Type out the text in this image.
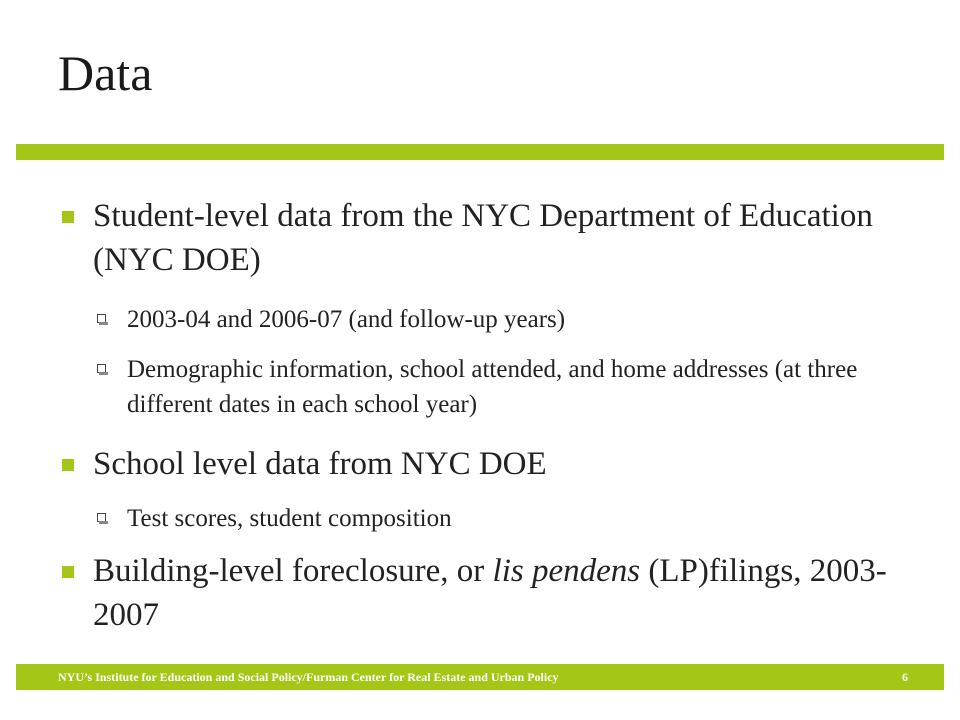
Data
Student-level data from the NYC Department of Education (NYC DOE)
2003-04 and 2006-07 (and follow-up years)
Demographic information, school attended, and home addresses (at three different dates in each school year)
School level data from NYC DOE
Test scores, student composition
Building-level foreclosure, or lis pendens (LP)filings, 2003-2007
NYU’s Institute for Education and Social Policy/Furman Center for Real Estate and Urban Policy	6
